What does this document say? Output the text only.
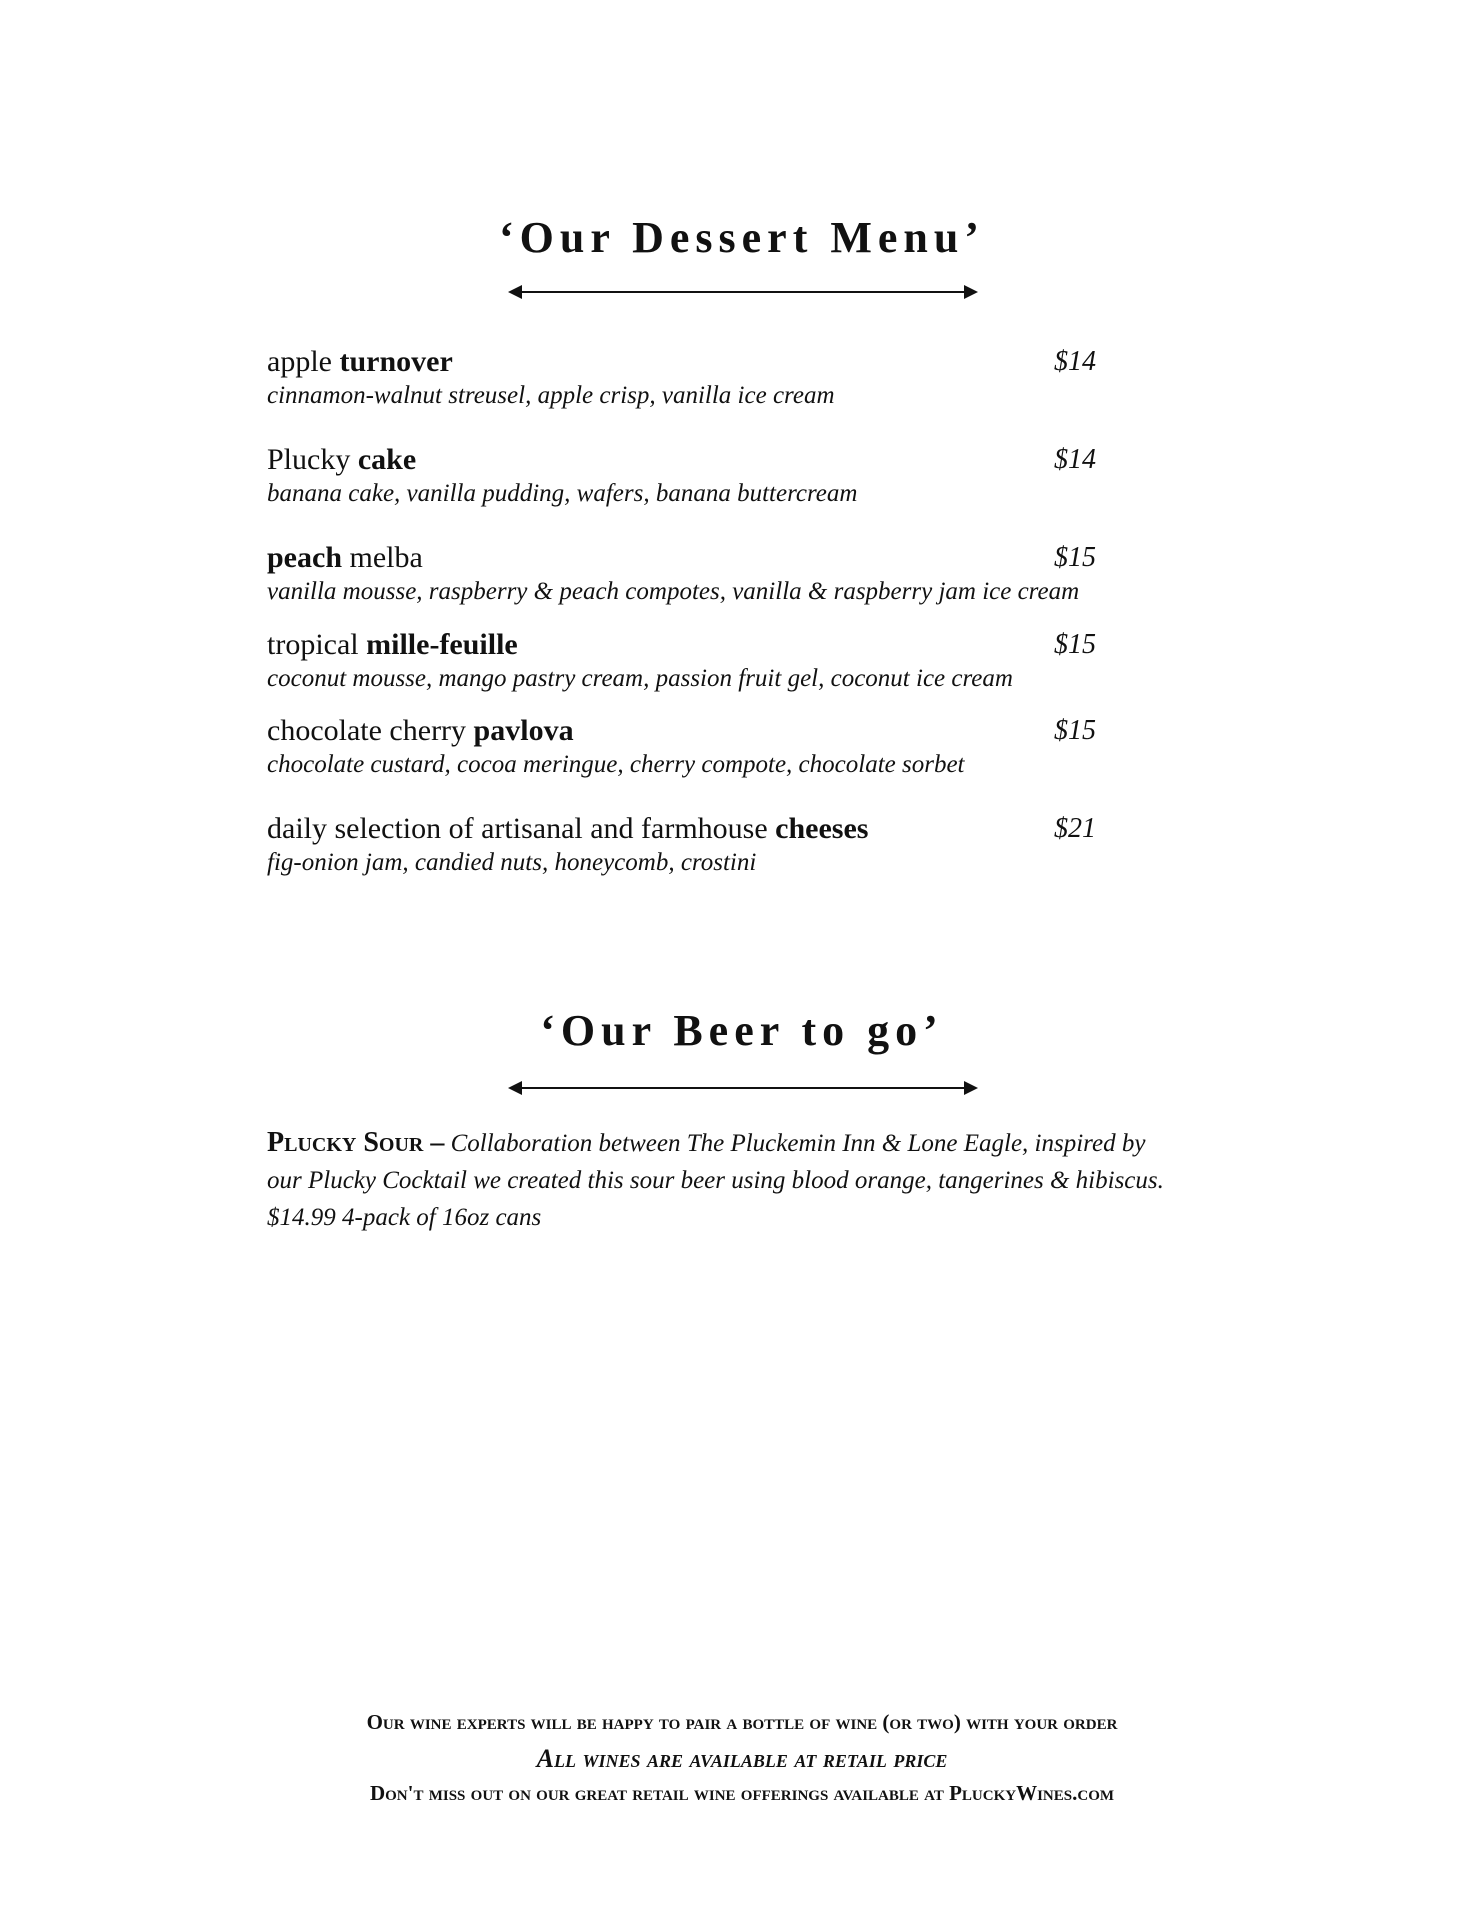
‘Our Dessert Menu’
apple turnover	$14
cinnamon-walnut streusel, apple crisp, vanilla ice cream
Plucky cake	$14
banana cake, vanilla pudding, wafers, banana buttercream
peach melba	$15
vanilla mousse, raspberry & peach compotes, vanilla & raspberry jam ice cream
tropical mille-feuille	$15
coconut mousse, mango pastry cream, passion fruit gel, coconut ice cream
chocolate cherry pavlova	$15
chocolate custard, cocoa meringue, cherry compote, chocolate sorbet
daily selection of artisanal and farmhouse cheeses	$21
fig-onion jam, candied nuts, honeycomb, crostini
‘Our Beer to go’
Plucky Sour – Collaboration between The Pluckemin Inn & Lone Eagle, inspired by
our Plucky Cocktail we created this sour beer using blood orange, tangerines & hibiscus.
$14.99 4-pack of 16oz cans
Our wine experts will be happy to pair a bottle of wine (or two) with your order
All wines are available at retail price
Don't miss out on our great retail wine offerings available at PluckyWines.com
